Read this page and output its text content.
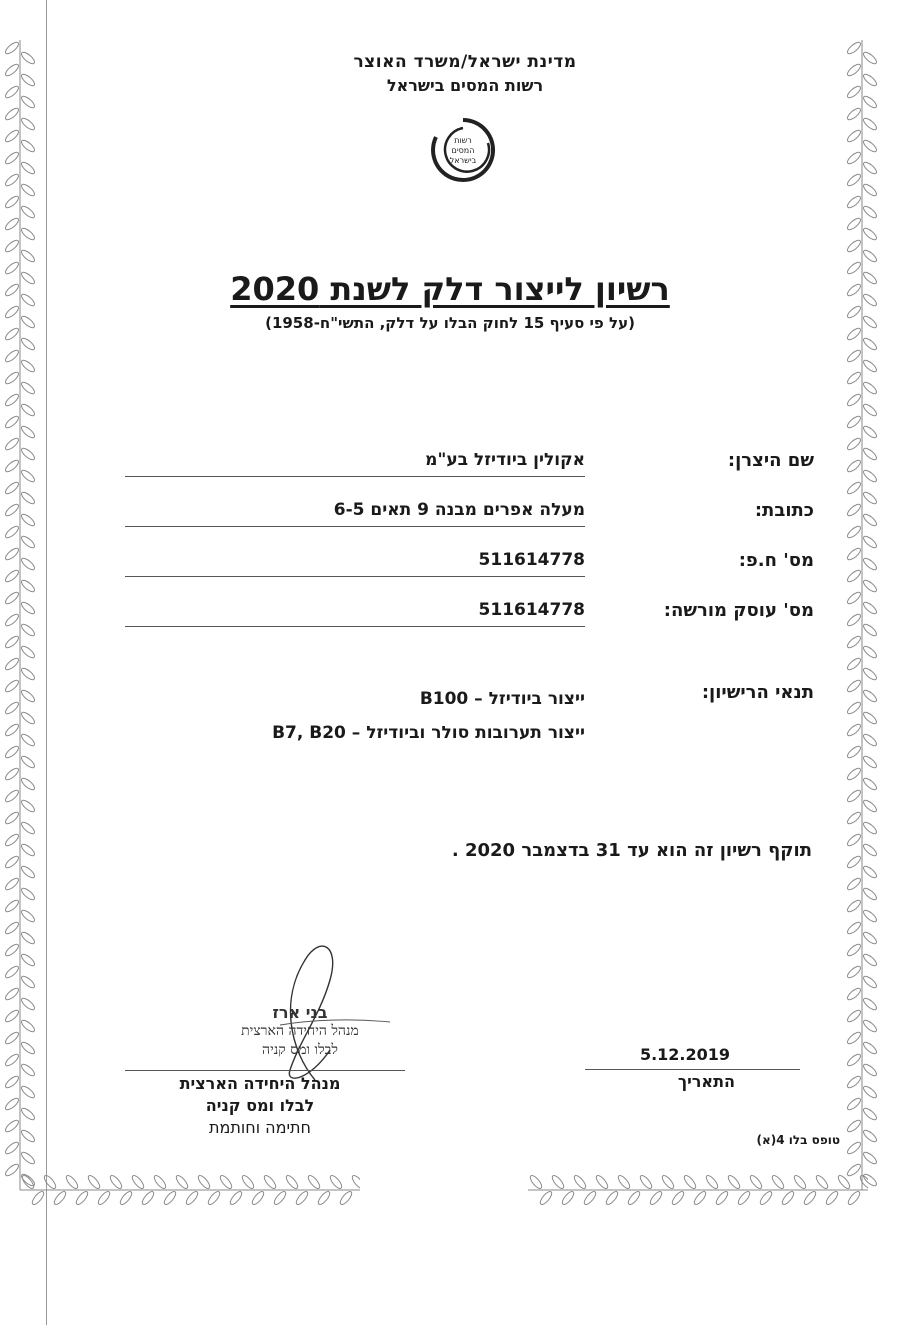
מדינת ישראל/משרד האוצר
רשות המסים בישראל
רשות
המסים
בישראל
רשיון לייצור דלק לשנת 2020
(על פי סעיף 15 לחוק הבלו על דלק, התשי"ח-1958)
שם היצרן:
אקולין ביודיזל בע"מ
כתובת:
מעלה אפרים מבנה 9 תאים 6-5
מס' ח.פ:
511614778
מס' עוסק מורשה:
511614778
תנאי הרישיון:
ייצור ביודיזל – B100
ייצור תערובות סולר וביודיזל – B7, B20
תוקף רשיון זה הוא עד 31 בדצמבר 2020 .
בני ארז
מנהל היחידה הארצית
לבלו ומס קניה
מנהל היחידה הארצית
לבלו ומס קניה
חתימה וחותמת
5.12.2019
התאריך
טופס בלו 4(א)
